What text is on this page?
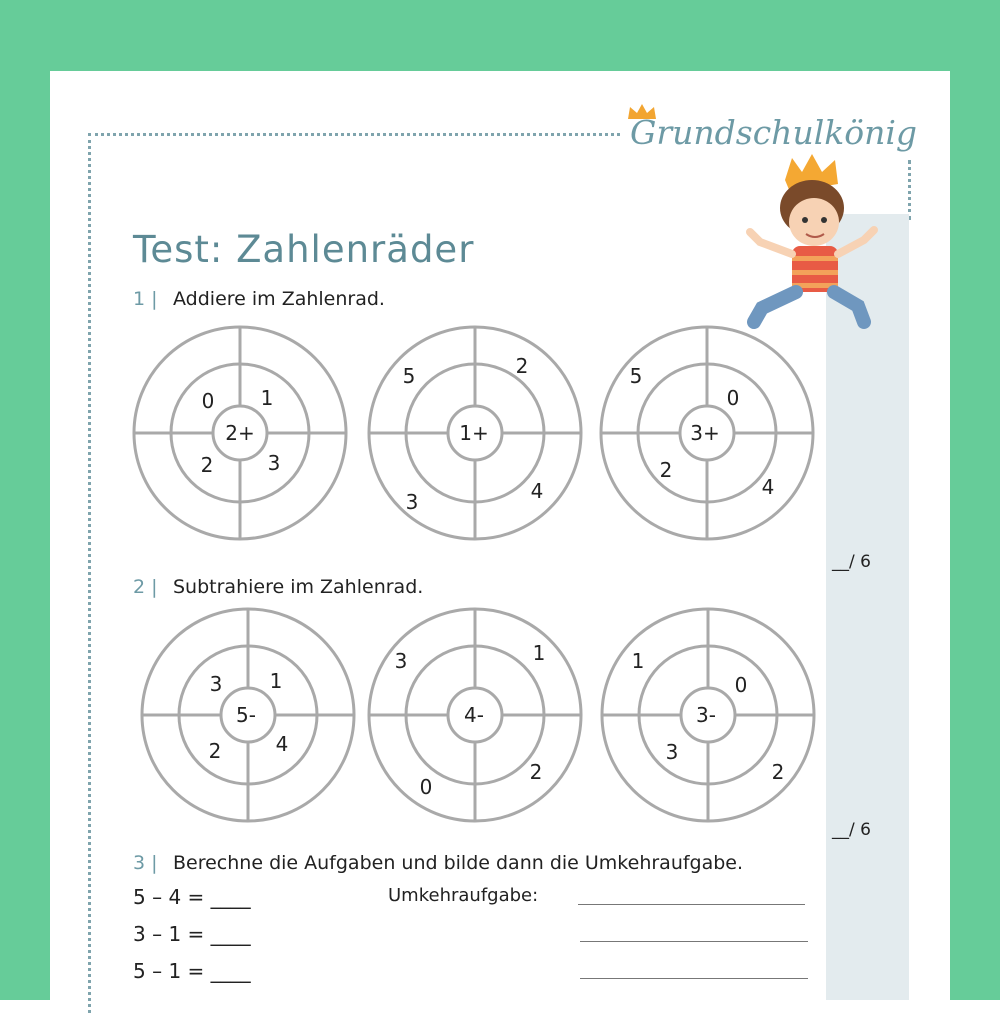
Grundschulkönig
Test: Zahlenräder
1 | Addiere im Zahlenrad.
2 | Subtrahiere im Zahlenrad.
3 | Berechne die Aufgaben und bilde dann die Umkehraufgabe.
2+
0 1
2	3
1+
5	2
3	4
3+
5
0
2
4
5-
3 1
2	4
4-
3	1
0
2
3-
1
0
3
2
__/ 6
__/ 6
5 – 4 = ____
3 – 1 = ____
5 – 1 = ____
Umkehraufgabe:
